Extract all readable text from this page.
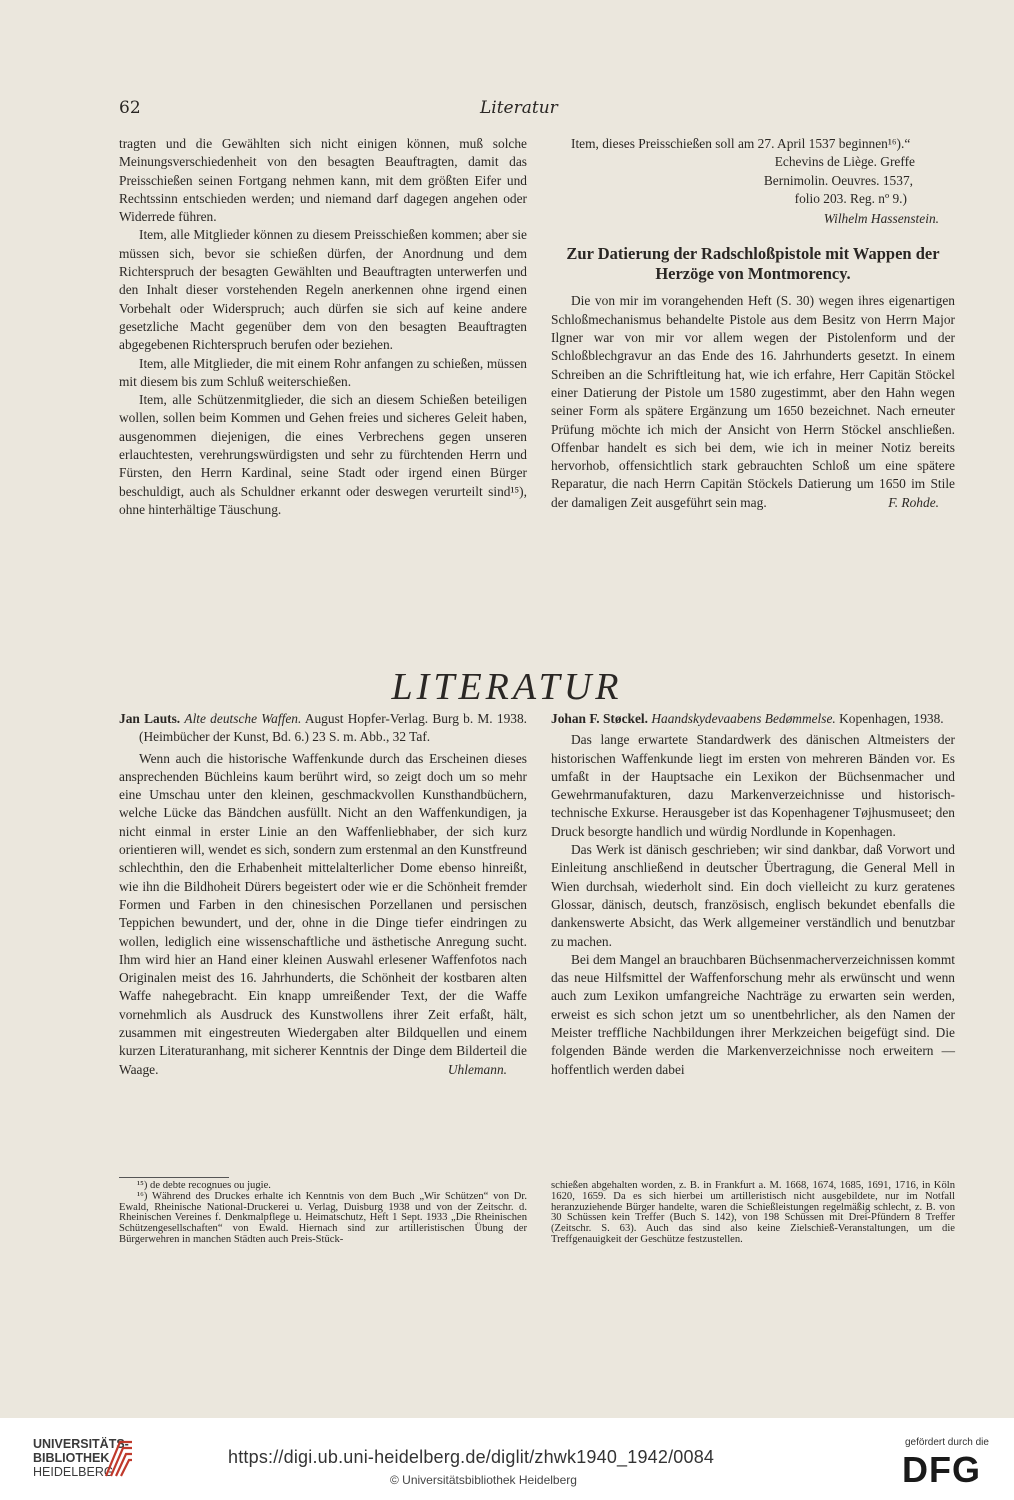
62	Literatur

tragten und die Gewählten sich nicht einigen können, muß solche Meinungsverschiedenheit von den besagten Beauftragten, damit das Preisschießen seinen Fortgang nehmen kann, mit dem größten Eifer und Rechtssinn entschieden werden; und niemand darf dagegen angehen oder Widerrede führen.

Item, alle Mitglieder können zu diesem Preisschießen kommen; aber sie müssen sich, bevor sie schießen dürfen, der Anordnung und dem Richterspruch der besagten Gewählten und Beauftragten unterwerfen und den Inhalt dieser vorstehenden Regeln anerkennen ohne irgend einen Vorbehalt oder Widerspruch; auch dürfen sie sich auf keine andere gesetzliche Macht gegenüber dem von den besagten Beauftragten abgegebenen Richterspruch berufen oder beziehen.

Item, alle Mitglieder, die mit einem Rohr anfangen zu schießen, müssen mit diesem bis zum Schluß weiterschießen.

Item, alle Schützenmitglieder, die sich an diesem Schießen beteiligen wollen, sollen beim Kommen und Gehen freies und sicheres Geleit haben, ausgenommen diejenigen, die eines Verbrechens gegen unseren erlauchtesten, verehrungswürdigsten und sehr zu fürchtenden Herrn und Fürsten, den Herrn Kardinal, seine Stadt oder irgend einen Bürger beschuldigt, auch als Schuldner erkannt oder deswegen verurteilt sind¹⁵), ohne hinterhältige Täuschung.

Item, dieses Preisschießen soll am 27. April 1537 beginnen¹⁶).“

Echevins de Liège. Greffe

Bernimolin. Oeuvres. 1537,

folio 203. Reg. nº 9.)

Wilhelm Hassenstein.

Zur Datierung der Radschloßpistole mit Wappen der Herzöge von Montmorency.

Die von mir im vorangehenden Heft (S. 30) wegen ihres eigenartigen Schloßmechanismus behandelte Pistole aus dem Besitz von Herrn Major Ilgner war von mir vor allem wegen der Pistolenform und der Schloßblechgravur an das Ende des 16. Jahrhunderts gesetzt. In einem Schreiben an die Schriftleitung hat, wie ich erfahre, Herr Capitän Stöckel einer Datierung der Pistole um 1580 zugestimmt, aber den Hahn wegen seiner Form als spätere Ergänzung um 1650 bezeichnet. Nach erneuter Prüfung möchte ich mich der Ansicht von Herrn Stöckel anschließen. Offenbar handelt es sich bei dem, wie ich in meiner Notiz bereits hervorhob, offensichtlich stark gebrauchten Schloß um eine spätere Reparatur, die nach Herrn Capitän Stöckels Datierung um 1650 im Stile der damaligen Zeit ausgeführt sein mag.	F. Rohde.

LITERATUR

Jan Lauts. Alte deutsche Waffen. August Hopfer-Verlag. Burg b. M. 1938. (Heimbücher der Kunst, Bd. 6.) 23 S. m. Abb., 32 Taf.

Wenn auch die historische Waffenkunde durch das Erscheinen dieses ansprechenden Büchleins kaum berührt wird, so zeigt doch um so mehr eine Umschau unter den kleinen, geschmackvollen Kunsthandbüchern, welche Lücke das Bändchen ausfüllt. Nicht an den Waffenkundigen, ja nicht einmal in erster Linie an den Waffenliebhaber, der sich kurz orientieren will, wendet es sich, sondern zum erstenmal an den Kunstfreund schlechthin, den die Erhabenheit mittelalterlicher Dome ebenso hinreißt, wie ihn die Bildhoheit Dürers begeistert oder wie er die Schönheit fremder Formen und Farben in den chinesischen Porzellanen und persischen Teppichen bewundert, und der, ohne in die Dinge tiefer eindringen zu wollen, lediglich eine wissenschaftliche und ästhetische Anregung sucht. Ihm wird hier an Hand einer kleinen Auswahl erlesener Waffenfotos nach Originalen meist des 16. Jahrhunderts, die Schönheit der kostbaren alten Waffe nahegebracht. Ein knapp umreißender Text, der die Waffe vornehmlich als Ausdruck des Kunstwollens ihrer Zeit erfaßt, hält, zusammen mit eingestreuten Wiedergaben alter Bildquellen und einem kurzen Literaturanhang, mit sicherer Kenntnis der Dinge dem Bilderteil die Waage.	Uhlemann.

Johan F. Støckel. Haandskydevaabens Bedømmelse. Kopenhagen, 1938.

Das lange erwartete Standardwerk des dänischen Altmeisters der historischen Waffenkunde liegt im ersten von mehreren Bänden vor. Es umfaßt in der Hauptsache ein Lexikon der Büchsenmacher und Gewehrmanufakturen, dazu Markenverzeichnisse und historisch-technische Exkurse. Herausgeber ist das Kopenhagener Tøjhusmuseet; den Druck besorgte handlich und würdig Nordlunde in Kopenhagen.

Das Werk ist dänisch geschrieben; wir sind dankbar, daß Vorwort und Einleitung anschließend in deutscher Übertragung, die General Mell in Wien durchsah, wiederholt sind. Ein doch vielleicht zu kurz geratenes Glossar, dänisch, deutsch, französisch, englisch bekundet ebenfalls die dankenswerte Absicht, das Werk allgemeiner verständlich und benutzbar zu machen.

Bei dem Mangel an brauchbaren Büchsenmacherverzeichnissen kommt das neue Hilfsmittel der Waffenforschung mehr als erwünscht und wenn auch zum Lexikon umfangreiche Nachträge zu erwarten sein werden, erweist es sich schon jetzt um so unentbehrlicher, als den Namen der Meister treffliche Nachbildungen ihrer Merkzeichen beigefügt sind. Die folgenden Bände werden die Markenverzeichnisse noch erweitern — hoffentlich werden dabei

¹⁵) de debte recognues ou jugie.

¹⁶) Während des Druckes erhalte ich Kenntnis von dem Buch „Wir Schützen“ von Dr. Ewald, Rheinische National-Druckerei u. Verlag, Duisburg 1938 und von der Zeitschr. d. Rheinischen Vereines f. Denkmalpflege u. Heimatschutz, Heft 1 Sept. 1933 „Die Rheinischen Schützengesellschaften“ von Ewald. Hiernach sind zur artilleristischen Übung der Bürgerwehren in manchen Städten auch Preis-Stück-

schießen abgehalten worden, z. B. in Frankfurt a. M. 1668, 1674, 1685, 1691, 1716, in Köln 1620, 1659. Da es sich hierbei um artilleristisch nicht ausgebildete, nur im Notfall heranzuziehende Bürger handelte, waren die Schießleistungen regelmäßig schlecht, z. B. von 30 Schüssen kein Treffer (Buch S. 142), von 198 Schüssen mit Drei-Pfündern 8 Treffer (Zeitschr. S. 63). Auch das sind also keine Zielschieß-Veranstaltungen, um die Treffgenauigkeit der Geschütze festzustellen.

UNIVERSITÄTS-
BIBLIOTHEK
HEIDELBERG
https://digi.ub.uni-heidelberg.de/diglit/zhwk1940_1942/0084
© Universitätsbibliothek Heidelberg
gefördert durch die
DFG
